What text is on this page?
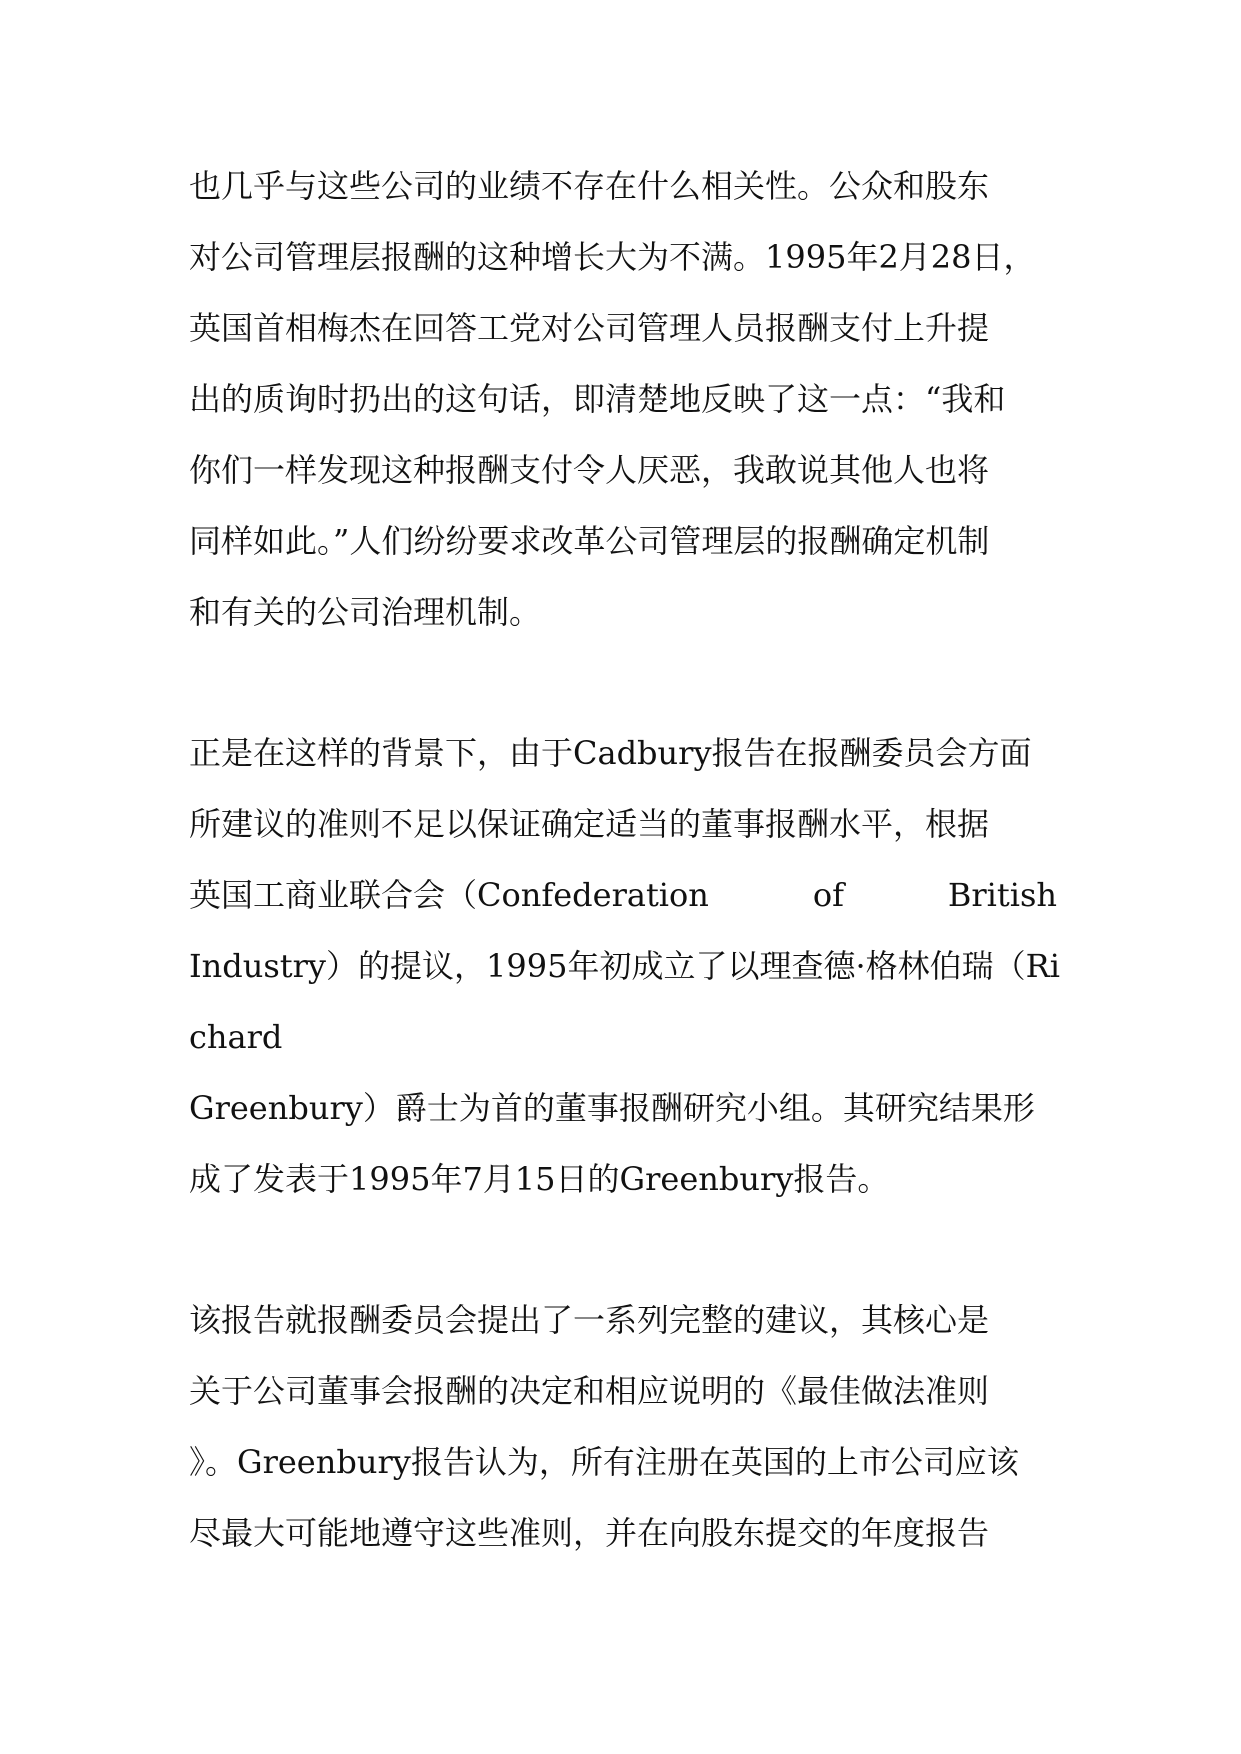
也几乎与这些公司的业绩不存在什么相关性。公众和股东
对公司管理层报酬的这种增长大为不满。1995年2月28日，
英国首相梅杰在回答工党对公司管理人员报酬支付上升提
出的质询时扔出的这句话，即清楚地反映了这一点：“我和
你们一样发现这种报酬支付令人厌恶，我敢说其他人也将
同样如此。”人们纷纷要求改革公司管理层的报酬确定机制
和有关的公司治理机制。
正是在这样的背景下，由于Cadbury报告在报酬委员会方面
所建议的准则不足以保证确定适当的董事报酬水平，根据
英国工商业联合会（Confederation	of	British
Industry）的提议，1995年初成立了以理查德·格林伯瑞（Ri
chard
Greenbury）爵士为首的董事报酬研究小组。其研究结果形
成了发表于1995年7月15日的Greenbury报告。
该报告就报酬委员会提出了一系列完整的建议，其核心是
关于公司董事会报酬的决定和相应说明的《最佳做法准则
》。Greenbury报告认为，所有注册在英国的上市公司应该
尽最大可能地遵守这些准则，并在向股东提交的年度报告
